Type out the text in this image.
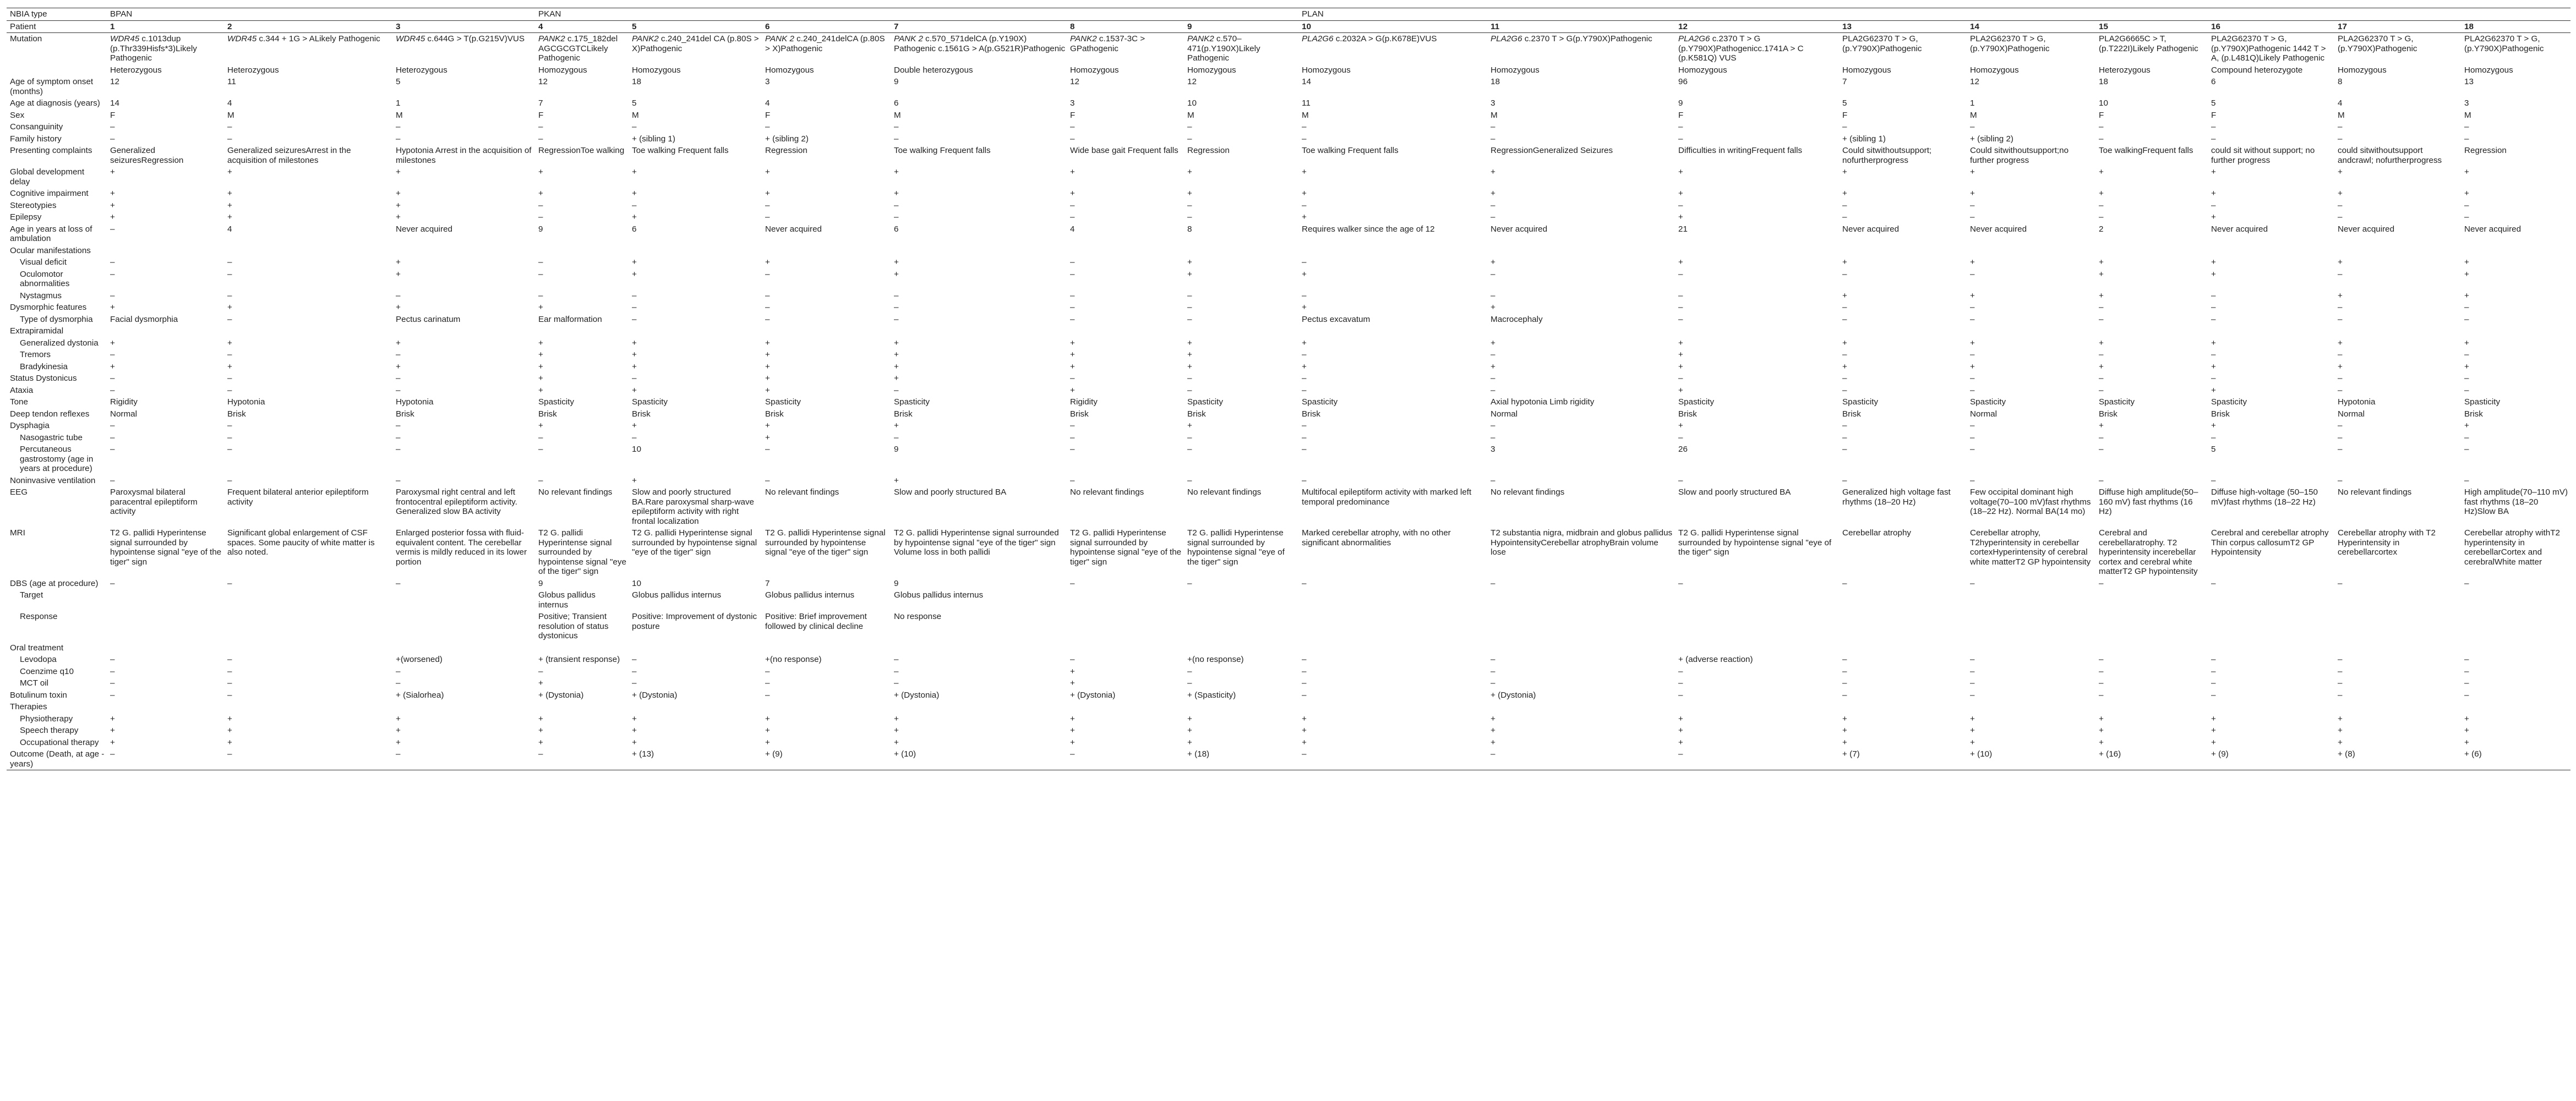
NBIA type	BPAN			PKAN						PLAN								
Patient	1	2	3	4	5	6	7	8	9	10	11	12	13	14	15	16	17	18
Mutation	WDR45 c.1013dup (p.Thr339Hisfs*3)Likely Pathogenic	WDR45 c.344 + 1G > ALikely Pathogenic	WDR45 c.644G > T(p.G215V)VUS	PANK2 c.175_182del AGCGCGTCLikely Pathogenic	PANK2 c.240_241del CA (p.80S > X)Pathogenic	PANK 2 c.240_241delCA (p.80S > X)Pathogenic	PANK 2 c.570_571delCA (p.Y190X) Pathogenic c.1561G > A(p.G521R)Pathogenic	PANK2 c.1537-3C > GPathogenic	PANK2 c.570–471(p.Y190X)Likely Pathogenic	PLA2G6 c.2032A > G(p.K678E)VUS	PLA2G6 c.2370 T > G(p.Y790X)Pathogenic	PLA2G6 c.2370 T > G (p.Y790X)Pathogenicc.1741A > C (p.K581Q) VUS	PLA2G62370 T > G, (p.Y790X)Pathogenic	PLA2G62370 T > G, (p.Y790X)Pathogenic	PLA2G6665C > T, (p.T222I)Likely Pathogenic	PLA2G62370 T > G, (p.Y790X)Pathogenic 1442 T > A, (p.L481Q)Likely Pathogenic	PLA2G62370 T > G, (p.Y790X)Pathogenic	PLA2G62370 T > G, (p.Y790X)Pathogenic
	Heterozygous	Heterozygous	Heterozygous	Homozygous	Homozygous	Homozygous	Double heterozygous	Homozygous	Homozygous	Homozygous	Homozygous	Homozygous	Homozygous	Homozygous	Heterozygous	Compound heterozygote	Homozygous	Homozygous
Age of symptom onset (months)	12	11	5	12	18	3	9	12	12	14	18	96	7	12	18	6	8	13
Age at diagnosis (years)	14	4	1	7	5	4	6	3	10	11	3	9	5	1	10	5	4	3
Sex	F	M	M	F	M	F	M	F	M	M	M	F	F	M	F	F	M	M
Consanguinity	–	–	–	–	–	–	–	–	–	–	–	–	–	–	–	–	–	–
Family history	–	–	–	–	+ (sibling 1)	+ (sibling 2)	–	–	–	–	–	–	+ (sibling 1)	+ (sibling 2)	–	–	–	–
Presenting complaints	Generalized seizuresRegression	Generalized seizuresArrest in the acquisition of milestones	Hypotonia Arrest in the acquisition of milestones	RegressionToe walking	Toe walking Frequent falls	Regression	Toe walking Frequent falls	Wide base gait Frequent falls	Regression	Toe walking Frequent falls	RegressionGeneralized Seizures	Difficulties in writingFrequent falls	Could sitwithoutsupport; nofurtherprogress	Could sitwithoutsupport;no further progress	Toe walkingFrequent falls	could sit without support; no further progress	could sitwithoutsupport andcrawl; nofurtherprogress	Regression
Global development delay	+	+	+	+	+	+	+	+	+	+	+	+	+	+	+	+	+	+
Cognitive impairment	+	+	+	+	+	+	+	+	+	+	+	+	+	+	+	+	+	+
Stereotypies	+	+	+	–	–	–	–	–	–	–	–	–	–	–	–	–	–	–
Epilepsy	+	+	+	–	+	–	–	–	–	+	–	+	–	–	–	+	–	–
Age in years at loss of ambulation	–	4	Never acquired	9	6	Never acquired	6	4	8	Requires walker since the age of 12	Never acquired	21	Never acquired	Never acquired	2	Never acquired	Never acquired	Never acquired
Ocular manifestations																		
Visual deficit	–	–	+	–	+	+	+	–	+	–	+	+	+	+	+	+	+	+
Oculomotor abnormalities	–	–	+	–	+	–	+	–	+	+	–	–	–	–	+	+	–	+
Nystagmus	–	–	–	–	–	–	–	–	–	–	–	–	+	+	+	–	+	+
Dysmorphic features	+	+	+	+	–	–	–	–	–	+	+	–	–	–	–	–	–	–
Type of dysmorphia	Facial dysmorphia	–	Pectus carinatum	Ear malformation	–	–	–	–	–	Pectus excavatum	Macrocephaly	–	–	–	–	–	–	–
Extrapiramidal																		
Generalized dystonia	+	+	+	+	+	+	+	+	+	+	+	+	+	+	+	+	+	+
Tremors	–	–	–	+	+	+	+	+	+	–	–	+	–	–	–	–	–	–
Bradykinesia	+	+	+	+	+	+	+	+	+	+	+	+	+	+	+	+	+	+
Status Dystonicus	–	–	–	+	–	+	+	–	–	–	–	–	–	–	–	–	–	–
Ataxia	–	–	–	+	+	+	–	+	–	–	–	+	–	–	–	+	–	–
Tone	Rigidity	Hypotonia	Hypotonia	Spasticity	Spasticity	Spasticity	Spasticity	Rigidity	Spasticity	Spasticity	Axial hypotonia Limb rigidity	Spasticity	Spasticity	Spasticity	Spasticity	Spasticity	Hypotonia	Spasticity
Deep tendon reflexes	Normal	Brisk	Brisk	Brisk	Brisk	Brisk	Brisk	Brisk	Brisk	Brisk	Normal	Brisk	Brisk	Normal	Brisk	Brisk	Normal	Brisk
Dysphagia	–	–	–	+	+	+	+	–	+	–	–	+	–	–	+	+	–	+
Nasogastric tube	–	–	–	–	–	+	–	–	–	–	–	–	–	–	–	–	–	–
Percutaneous gastrostomy (age in years at procedure)	–	–	–	–	10	–	9	–	–	–	3	26	–	–	–	5	–	–
Noninvasive ventilation	–	–	–	–	+	–	+	–	–	–	–	–	–	–	–	–	–	–
EEG	Paroxysmal bilateral paracentral epileptiform activity	Frequent bilateral anterior epileptiform activity	Paroxysmal right central and left frontocentral epileptiform activity. Generalized slow BA activity	No relevant findings	Slow and poorly structured BA.Rare paroxysmal sharp-wave epileptiform activity with right frontal localization	No relevant findings	Slow and poorly structured BA	No relevant findings	No relevant findings	Multifocal epileptiform activity with marked left temporal predominance	No relevant findings	Slow and poorly structured BA	Generalized high voltage fast rhythms (18–20 Hz)	Few occipital dominant high voltage(70–100 mV)fast rhythms (18–22 Hz). Normal BA(14 mo)	Diffuse high amplitude(50–160 mV) fast rhythms (16 Hz)	Diffuse high-voltage (50–150 mV)fast rhythms (18–22 Hz)	No relevant findings	High amplitude(70–110 mV) fast rhythms (18–20 Hz)Slow BA
MRI	T2 G. pallidi Hyperintense signal surrounded by hypointense signal "eye of the tiger" sign	Significant global enlargement of CSF spaces. Some paucity of white matter is also noted.	Enlarged posterior fossa with fluid-equivalent content. The cerebellar vermis is mildly reduced in its lower portion	T2 G. pallidi Hyperintense signal surrounded by hypointense signal "eye of the tiger" sign	T2 G. pallidi Hyperintense signal surrounded by hypointense signal "eye of the tiger" sign	T2 G. pallidi Hyperintense signal surrounded by hypointense signal "eye of the tiger" sign	T2 G. pallidi Hyperintense signal surrounded by hypointense signal "eye of the tiger" sign Volume loss in both pallidi	T2 G. pallidi Hyperintense signal surrounded by hypointense signal "eye of the tiger" sign	T2 G. pallidi Hyperintense signal surrounded by hypointense signal "eye of the tiger" sign	Marked cerebellar atrophy, with no other significant abnormalities	T2 substantia nigra, midbrain and globus pallidus HypointensityCerebellar atrophyBrain volume lose	T2 G. pallidi Hyperintense signal surrounded by hypointense signal "eye of the tiger" sign	Cerebellar atrophy	Cerebellar atrophy, T2hyperintensity in cerebellar cortexHyperintensity of cerebral white matterT2 GP hypointensity	Cerebral and cerebellaratrophy. T2 hyperintensity incerebellar cortex and cerebral white matterT2 GP hypointensity	Cerebral and cerebellar atrophy Thin corpus callosumT2 GP Hypointensity	Cerebellar atrophy with T2 Hyperintensity in cerebellarcortex	Cerebellar atrophy withT2 hyperintensity in cerebellarCortex and cerebralWhite matter
DBS (age at procedure)	–	–	–	9	10	7	9	–	–	–	–	–	–	–	–	–	–	–
Target				Globus pallidus internus	Globus pallidus internus	Globus pallidus internus	Globus pallidus internus											
Response				Positive; Transient resolution of status dystonicus	Positive: Improvement of dystonic posture	Positive: Brief improvement followed by clinical decline	No response											
Oral treatment																		
Levodopa	–	–	+(worsened)	+ (transient response)	–	+(no response)	–	–	+(no response)	–	–	+ (adverse reaction)	–	–	–	–	–	–
Coenzime q10	–	–	–	–	–	–	–	+	–	–	–	–	–	–	–	–	–	–
MCT oil	–	–	–	+	–	–	–	+	–	–	–	–	–	–	–	–	–	–
Botulinum toxin	–	–	+ (Sialorhea)	+ (Dystonia)	+ (Dystonia)	–	+ (Dystonia)	+ (Dystonia)	+ (Spasticity)	–	+ (Dystonia)	–	–	–	–	–	–	–
Therapies																		
Physiotherapy	+	+	+	+	+	+	+	+	+	+	+	+	+	+	+	+	+	+
Speech therapy	+	+	+	+	+	+	+	+	+	+	+	+	+	+	+	+	+	+
Occupational therapy	+	+	+	+	+	+	+	+	+	+	+	+	+	+	+	+	+	+
Outcome (Death, at age - years)	–	–	–	–	+ (13)	+ (9)	+ (10)	–	+ (18)	–	–	–	+ (7)	+ (10)	+ (16)	+ (9)	+ (8)	+ (6)
